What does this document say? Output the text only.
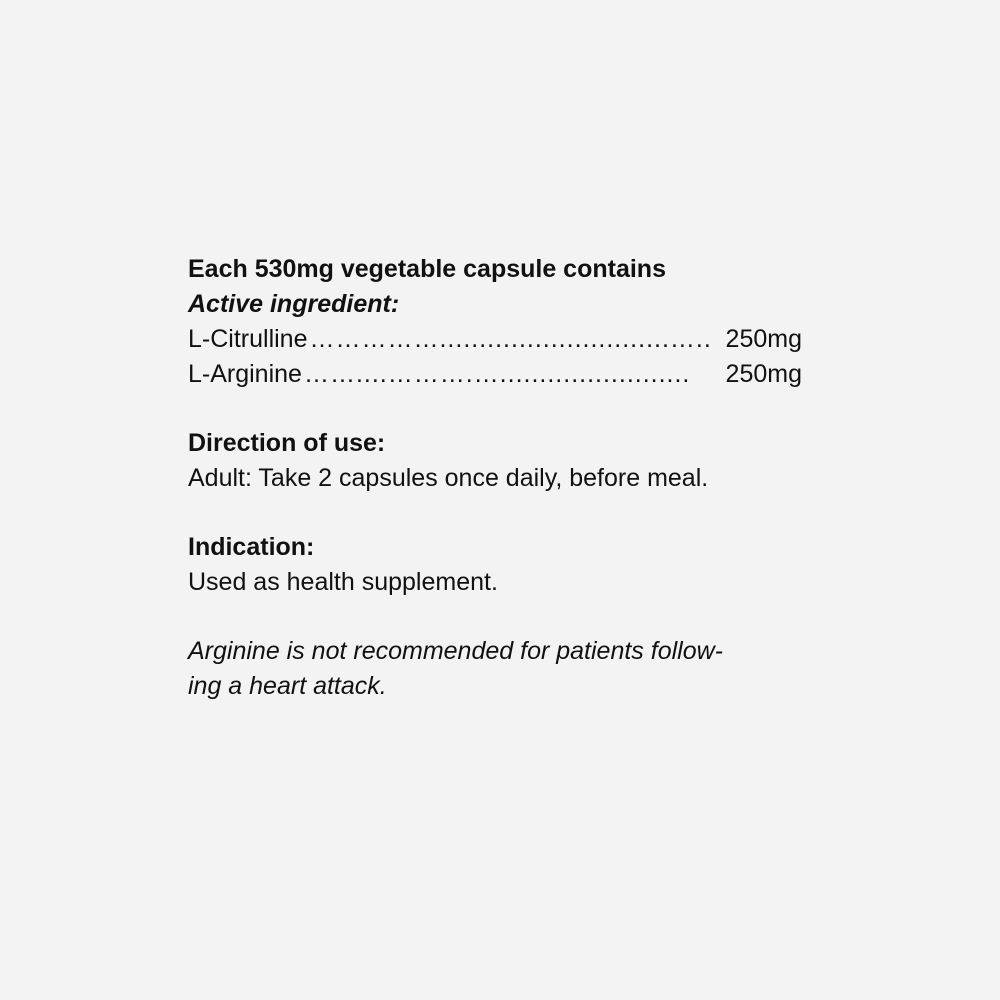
Each 530mg vegetable capsule contains
Active ingredient:
L-Citrulline …………….............................….. 250mg
L-Arginine ……....……….…........................	250mg
Direction of use:
Adult: Take 2 capsules once daily, before meal.
Indication:
Used as health supplement.
Arginine is not recommended for patients follow-
ing a heart attack.
